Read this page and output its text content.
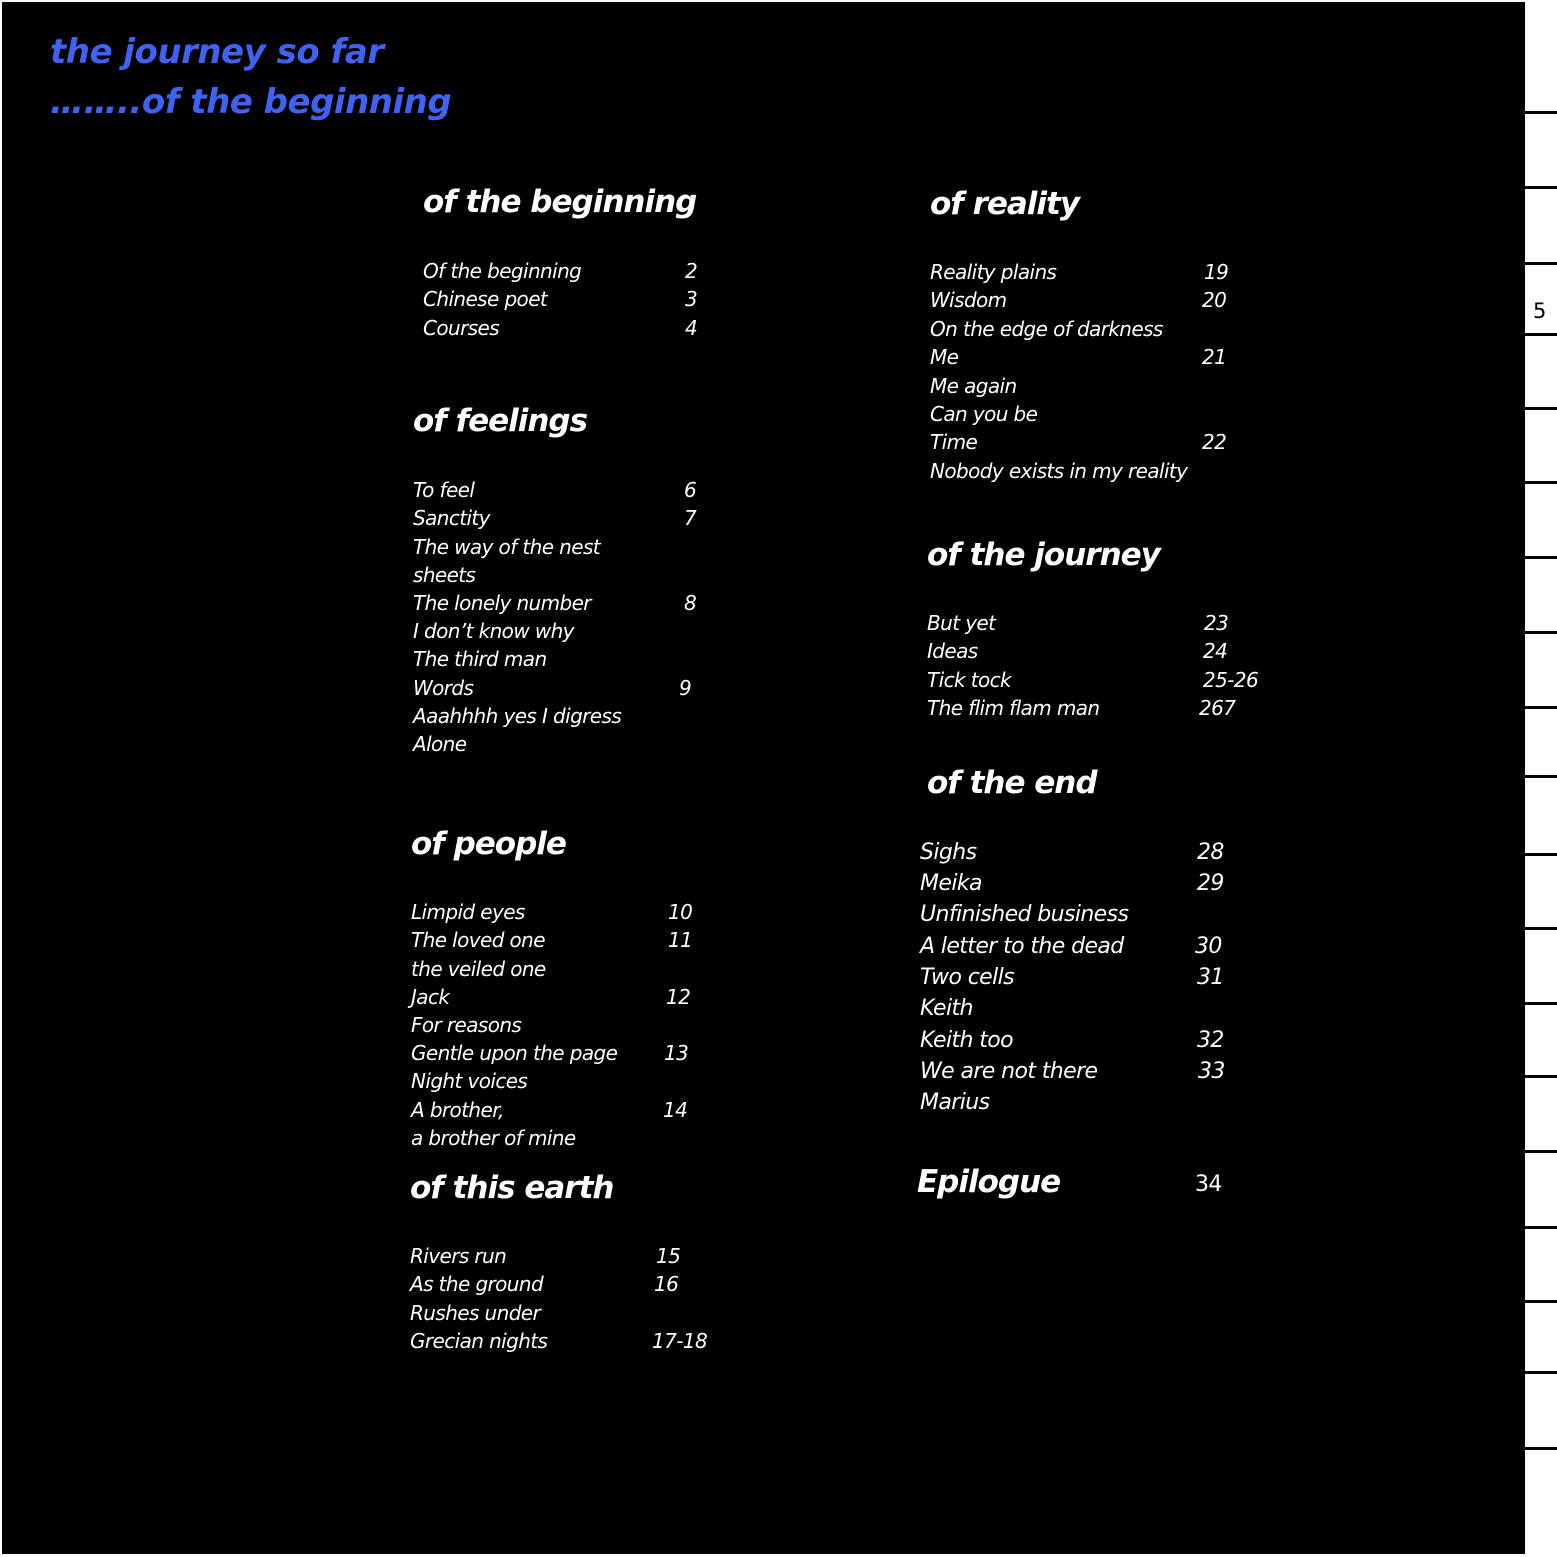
the journey so far
……..of the beginning
of the beginning
Of the beginning	2
Chinese poet	3
Courses	4
of feelings
To feel	6
Sanctity	7
The way of the nest
sheets
The lonely number	8
I don’t know why
The third man
Words	9
Aaahhhh yes I digress
Alone
of people
Limpid eyes	10
The loved one	11
the veiled one
Jack	12
For reasons
Gentle upon the page 13
Night voices
A brother,	14
a brother of mine
of this earth
Rivers run	15
As the ground	16
Rushes under
Grecian nights	17-18
of reality
Reality plains	19
Wisdom	20
On the edge of darkness
Me	21
Me again
Can you be
Time	22
Nobody exists in my reality
of the journey
But yet	23
Ideas	24
Tick tock	25-26
The flim flam man	267
of the end
Sighs	28
Meika	29
Unfinished business
A letter to the dead	30
Two cells	31
Keith
Keith too	32
We are not there	33
Marius
Epilogue	34
5
